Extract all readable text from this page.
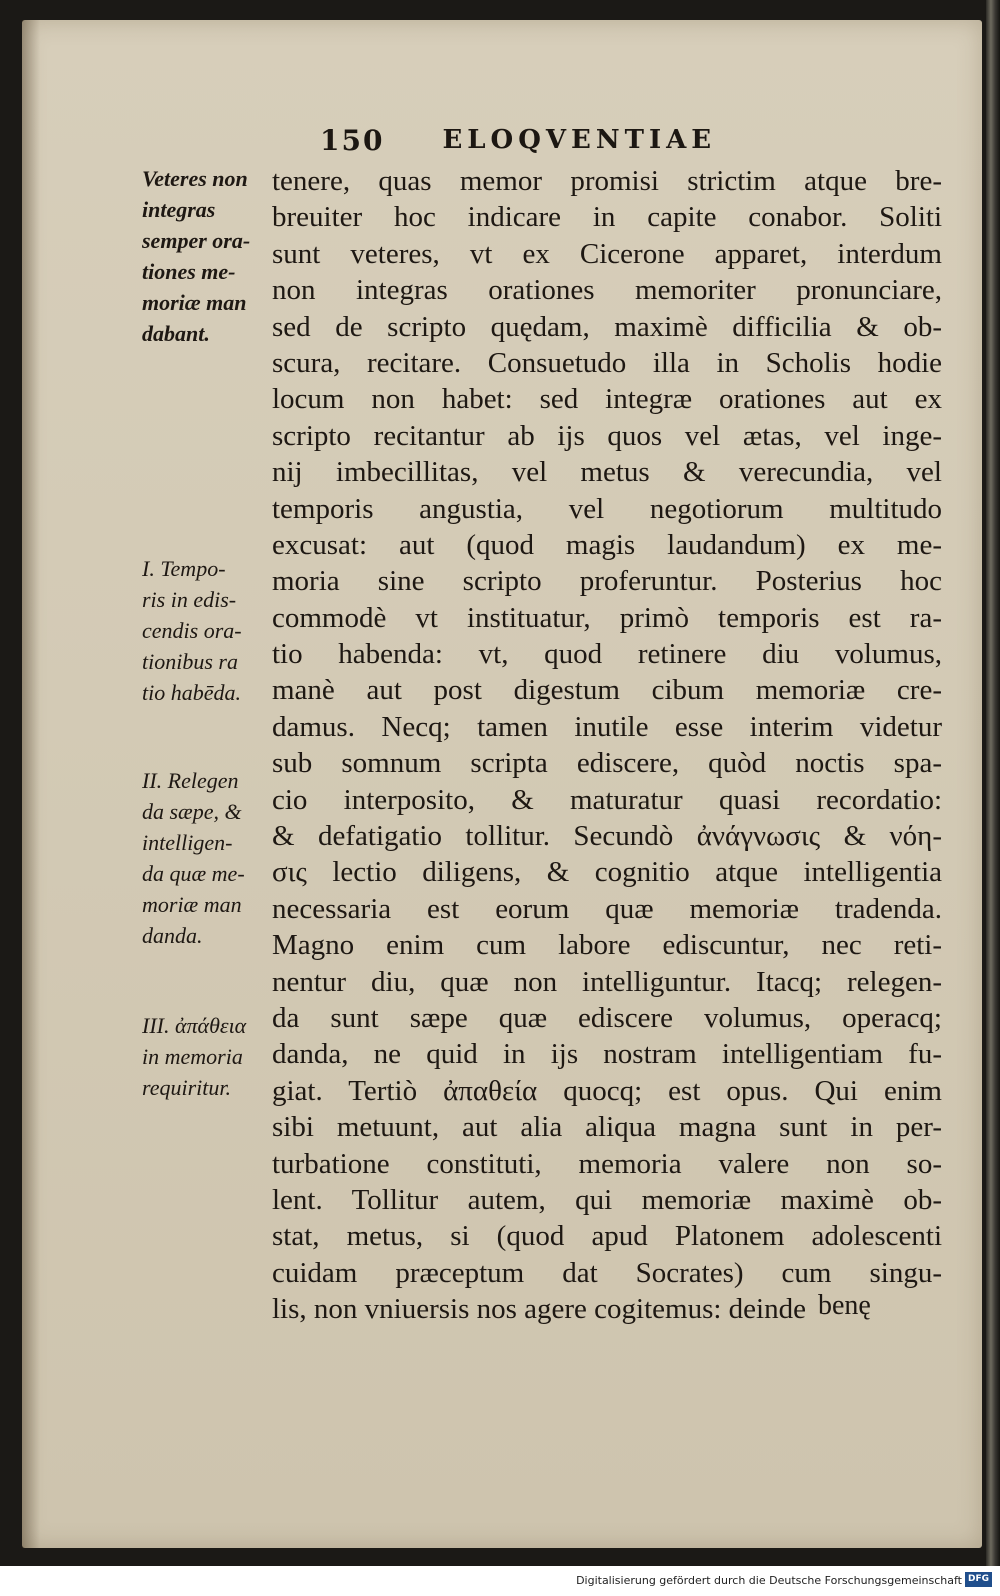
150 ELOQVENTIAE
tenere, quas memor promisi strictim atque bre-
breuiter hoc indicare in capite conabor. Soliti
sunt veteres, vt ex Cicerone apparet, interdum
non integras orationes memoriter pronunciare,
sed de scripto quędam, maximè difficilia & ob-
scura, recitare. Consuetudo illa in Scholis hodie
locum non habet: sed integræ orationes aut ex
scripto recitantur ab ijs quos vel ætas, vel inge-
nij imbecillitas, vel metus & verecundia, vel
temporis angustia, vel negotiorum multitudo
excusat: aut (quod magis laudandum) ex me-
moria sine scripto proferuntur. Posterius hoc
commodè vt instituatur, primò temporis est ra-
tio habenda: vt, quod retinere diu volumus,
manè aut post digestum cibum memoriæ cre-
damus. Necq; tamen inutile esse interim videtur
sub somnum scripta ediscere, quòd noctis spa-
cio interposito, & maturatur quasi recordatio:
& defatigatio tollitur. Secundò ἀνάγνωσις & νόη-
σις lectio diligens, & cognitio atque intelligentia
necessaria est eorum quæ memoriæ tradenda.
Magno enim cum labore ediscuntur, nec reti-
nentur diu, quæ non intelliguntur. Itacq; relegen-
da sunt sæpe quæ ediscere volumus, operacq;
danda, ne quid in ijs nostram intelligentiam fu-
giat. Tertiò ἀπαθεία quocq; est opus. Qui enim
sibi metuunt, aut alia aliqua magna sunt in per-
turbatione constituti, memoria valere non so-
lent. Tollitur autem, qui memoriæ maximè ob-
stat, metus, si (quod apud Platonem adolescenti
cuidam præceptum dat Socrates) cum singu-
lis, non vniuersis nos agere cogitemus: deinde benę
Veteres non
integras
semper ora-
tiones me-
moriæ man
dabant.
I. Tempo-
ris in edis-
cendis ora-
tionibus ra
tio habēda.
II. Relegen
da sæpe, &
intelligen-
da quæ me-
moriæ man
danda.
III. ἀπάθεια
in memoria
requiritur.
Digitalisierung gefördert durch die Deutsche Forschungsgemeinschaft DFG
